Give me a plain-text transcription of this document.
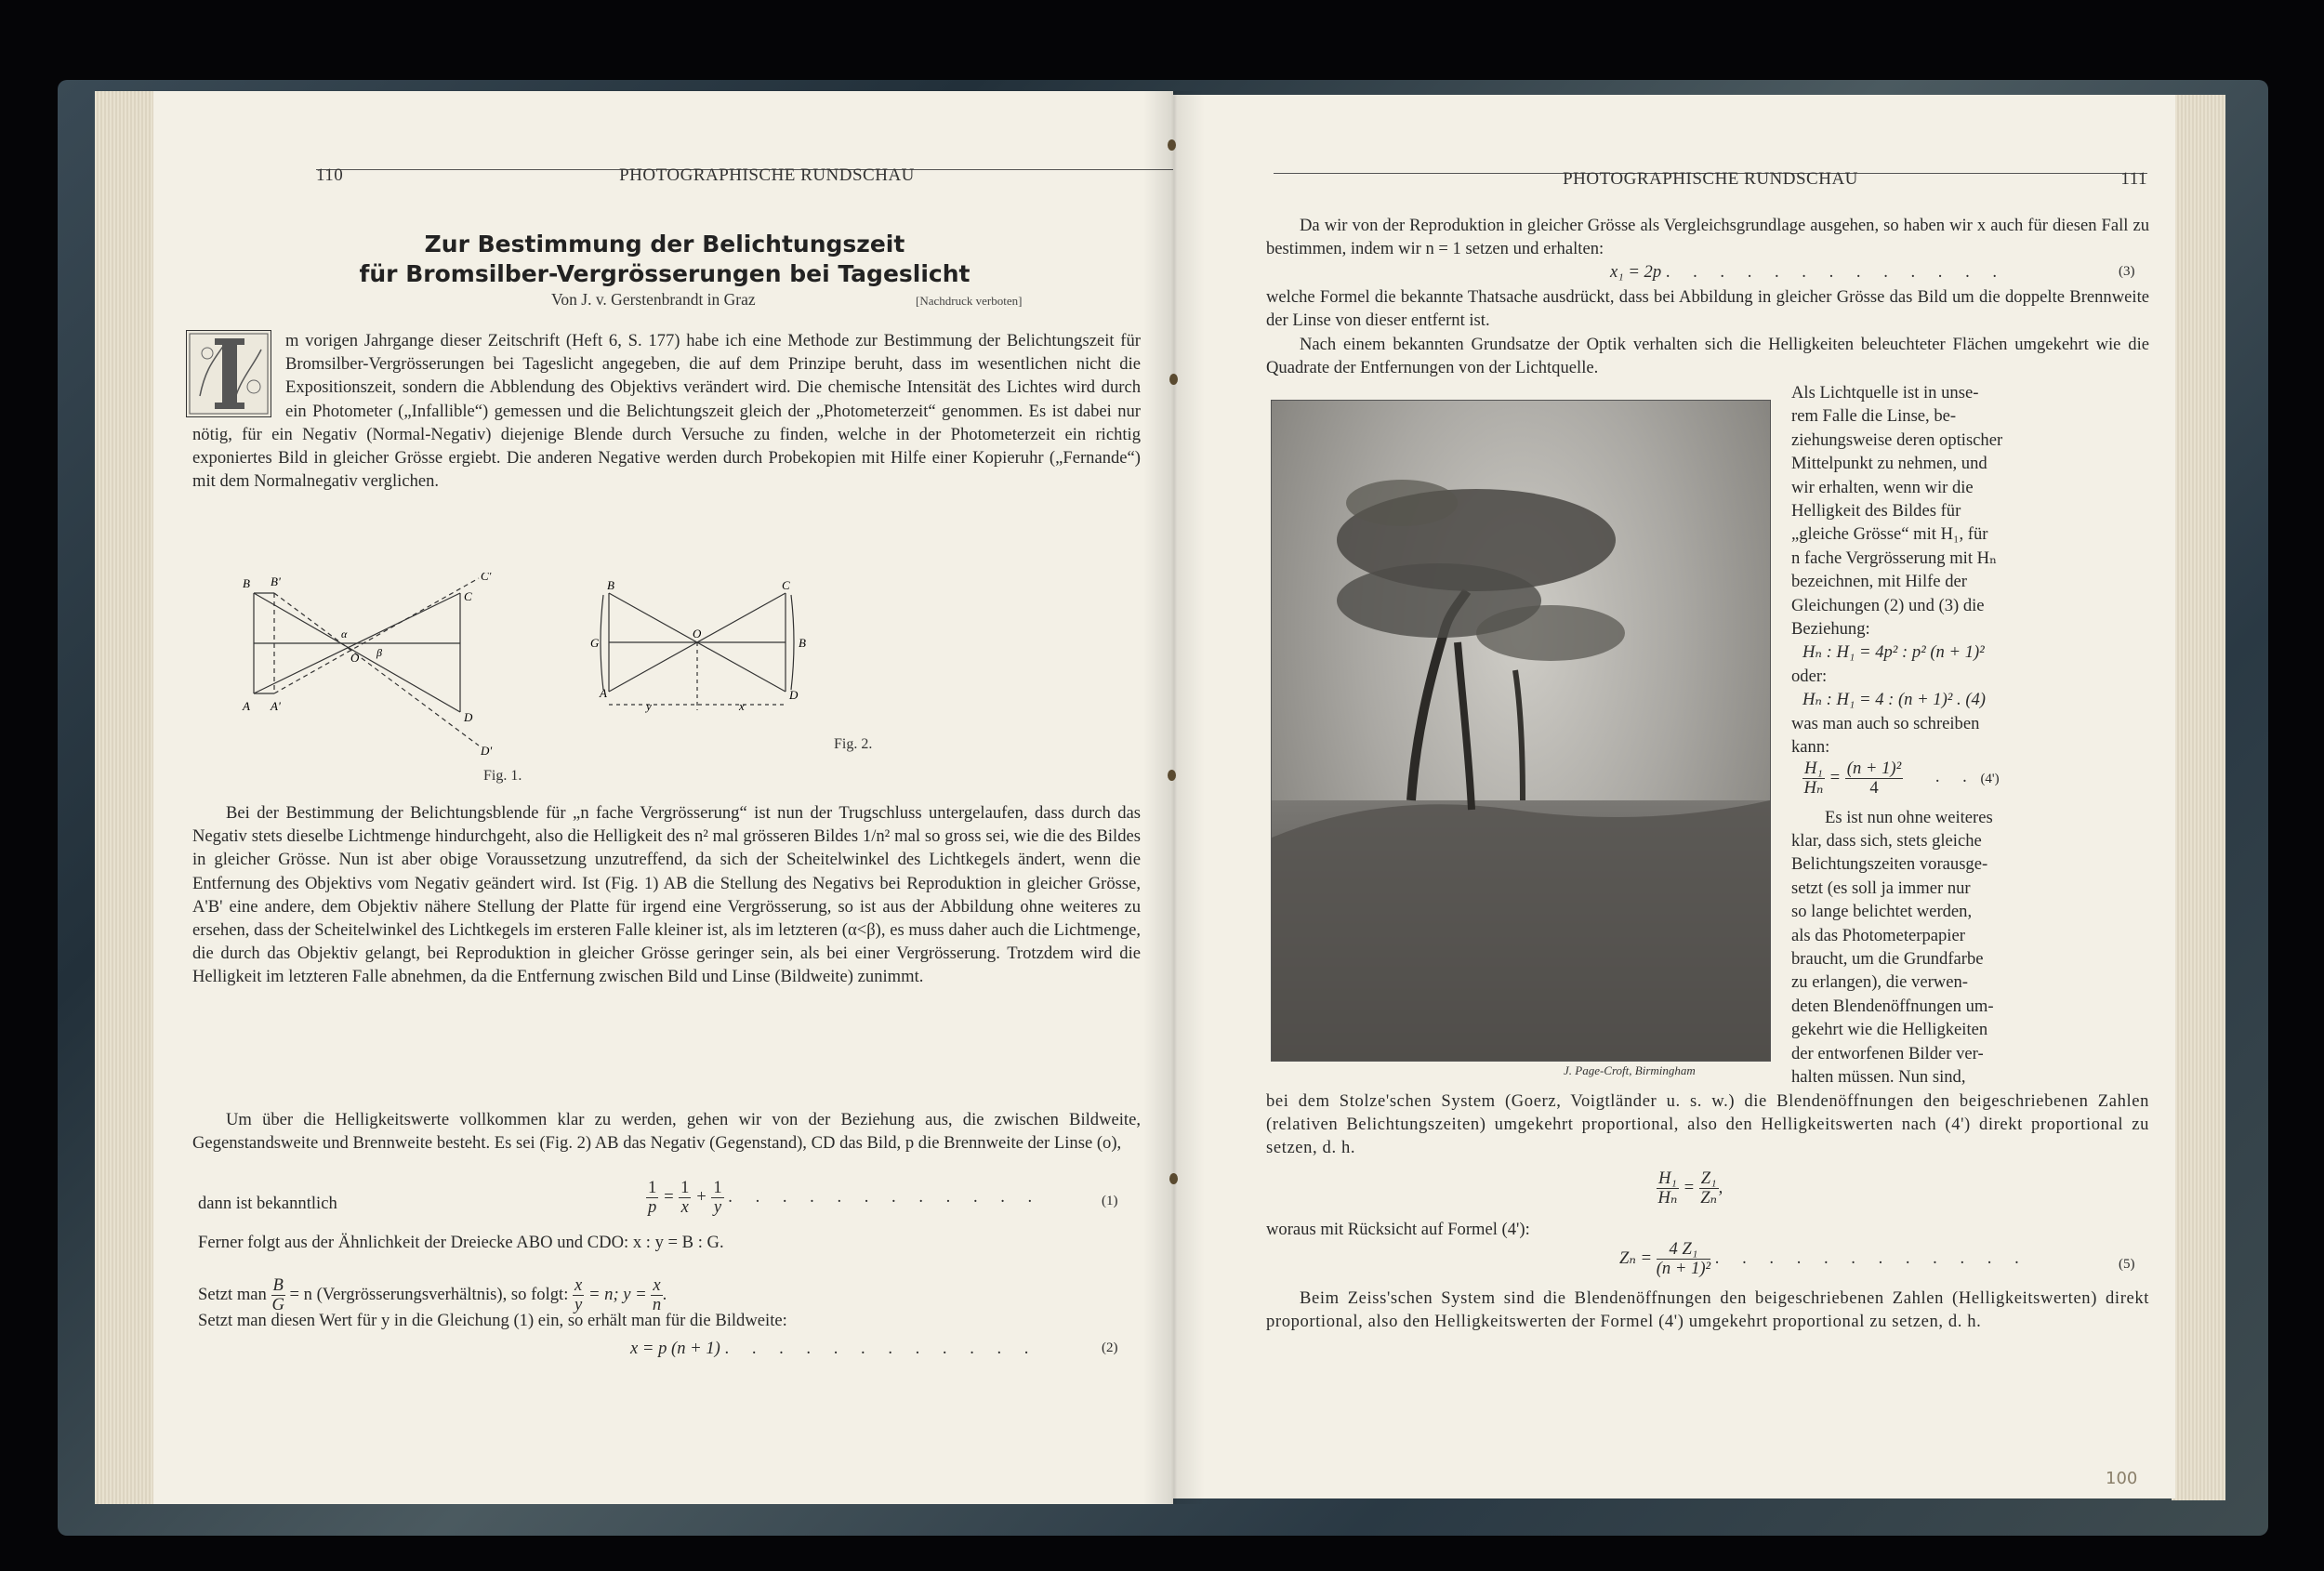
110	PHOTOGRAPHISCHE RUNDSCHAU
Zur Bestimmung der Belichtungszeit
für Bromsilber-Vergrösserungen bei Tageslicht
Von J. v. Gerstenbrandt in Graz	[Nachdruck verboten]
m vorigen Jahrgange dieser Zeitschrift (Heft 6, S. 177) habe ich eine Methode zur Bestimmung der Belichtungszeit für Bromsilber-Vergrösserungen bei Tageslicht angegeben, die auf dem Prinzipe beruht, dass im wesentlichen nicht die Expositionszeit, sondern die Abblendung des Objektivs verändert wird. Die chemische Intensität des Lichtes wird durch ein Photometer („Infallible“) gemessen und die Belichtungszeit gleich der „Photometerzeit“ genommen. Es ist dabei nur nötig, für ein Negativ (Normal-Negativ) diejenige Blende durch Versuche zu finden, welche in der Photometerzeit ein richtig exponiertes Bild in gleicher Grösse ergiebt. Die anderen Negative werden durch Probekopien mit Hilfe einer Kopieruhr („Fernande“) mit dem Normalnegativ verglichen.
B B'	C'
C
α
O β
A A'
D
D'
Fig. 1.
B	C
G
O
B
A
y	x
D
Fig. 2.

Bei der Bestimmung der Belichtungsblende für „n fache Vergrösserung“ ist nun der Trugschluss untergelaufen, dass durch das Negativ stets dieselbe Lichtmenge hindurchgeht, also die Helligkeit des n² mal grösseren Bildes 1/n² mal so gross sei, wie die des Bildes in gleicher Grösse. Nun ist aber obige Voraussetzung unzutreffend, da sich der Scheitelwinkel des Lichtkegels ändert, wenn die Entfernung des Objektivs vom Negativ geändert wird. Ist (Fig. 1) AB die Stellung des Negativs bei Reproduktion in gleicher Grösse, A'B' eine andere, dem Objektiv nähere Stellung der Platte für irgend eine Vergrösserung, so ist aus der Abbildung ohne weiteres zu ersehen, dass der Scheitelwinkel des Lichtkegels im ersteren Falle kleiner ist, als im letzteren (α<β), es muss daher auch die Lichtmenge, die durch das Objektiv gelangt, bei Reproduktion in gleicher Grösse geringer sein, als bei einer Vergrösserung. Trotzdem wird die Helligkeit im letzteren Falle abnehmen, da die Entfernung zwischen Bild und Linse (Bildweite) zunimmt.

Um über die Helligkeitswerte vollkommen klar zu werden, gehen wir von der Beziehung aus, die zwischen Bildweite, Gegenstandsweite und Brennweite besteht. Es sei (Fig. 2) AB das Negativ (Gegenstand), CD das Bild, p die Brennweite der Linse (o),

dann ist bekanntlich	$\frac{1}{p} = \frac{1}{x} + \frac{1}{y}$ . . . . . . . . . . . .	(1)
Ferner folgt aus der Ähnlichkeit der Dreiecke ABO und CDO: x : y = B : G.
Setzt man $\frac{B}{G} = n$ (Vergrösserungsverhältnis), so folgt: $\frac{x}{y} = n$; $y = \frac{x}{n}$ .
Setzt man diesen Wert für y in die Gleichung (1) ein, so erhält man für die Bildweite:
x = p (n + 1) . . . . . . . . . . . .	(2)
PHOTOGRAPHISCHE RUNDSCHAU	111

Da wir von der Reproduktion in gleicher Grösse als Vergleichsgrundlage ausgehen, so haben wir x auch für diesen Fall zu bestimmen, indem wir n = 1 setzen und erhalten:

x₁ = 2p . . . . . . . . . . . . .	(3)
welche Formel die bekannte Thatsache ausdrückt, dass bei Abbildung in gleicher Grösse das Bild um die doppelte Brennweite der Linse von dieser entfernt ist.

Nach einem bekannten Grundsatze der Optik verhalten sich die Helligkeiten beleuchteter Flächen umgekehrt wie die Quadrate der Entfernungen von der Lichtquelle.

J. Page-Croft, Birmingham
Als Lichtquelle ist in unse-
rem Falle die Linse, be-
ziehungsweise deren optischer
Mittelpunkt zu nehmen, und
wir erhalten, wenn wir die
Helligkeit des Bildes für
„gleiche Grösse“ mit H₁, für
n fache Vergrösserung mit Hₙ
bezeichnen, mit Hilfe der
Gleichungen (2) und (3) die
Beziehung:
Hₙ : H₁ = 4p² : p² (n + 1)²
oder:
Hₙ : H₁ = 4 : (n + 1)² . (4)
was man auch so schreiben
kann:
$\frac{\text{H₁}}{\text{Hₙ}} = \frac{\text{(n + 1)²}}{4}$ . . (4')
Es ist nun ohne weiteres
klar, dass sich, stets gleiche
Belichtungszeiten vorausge-
setzt (es soll ja immer nur
so lange belichtet werden,
als das Photometerpapier
braucht, um die Grundfarbe
zu erlangen), die verwen-
deten Blendenöffnungen um-
gekehrt wie die Helligkeiten
der entworfenen Bilder ver-
halten müssen. Nun sind,
bei dem Stolze'schen System (Goerz, Voigtländer u. s. w.) die Blendenöffnungen den beigeschriebenen Zahlen (relativen Belichtungszeiten) umgekehrt proportional, also den Helligkeitswerten nach (4') direkt proportional zu setzen, d. h.
$\frac{\text{H₁}}{\text{Hₙ}} = \frac{\text{Z₁}}{\text{Zₙ}}$ ,
woraus mit Rücksicht auf Formel (4'):
$Z_n = \frac{\text{4 Z₁}}{\text{(n + 1)²}}$ . . . . . . . . . . . .	(5)

Beim Zeiss'schen System sind die Blendenöffnungen den beigeschriebenen Zahlen (Helligkeitswerten) direkt proportional, also den Helligkeitswerten der Formel (4') umgekehrt proportional zu setzen, d. h.

100
